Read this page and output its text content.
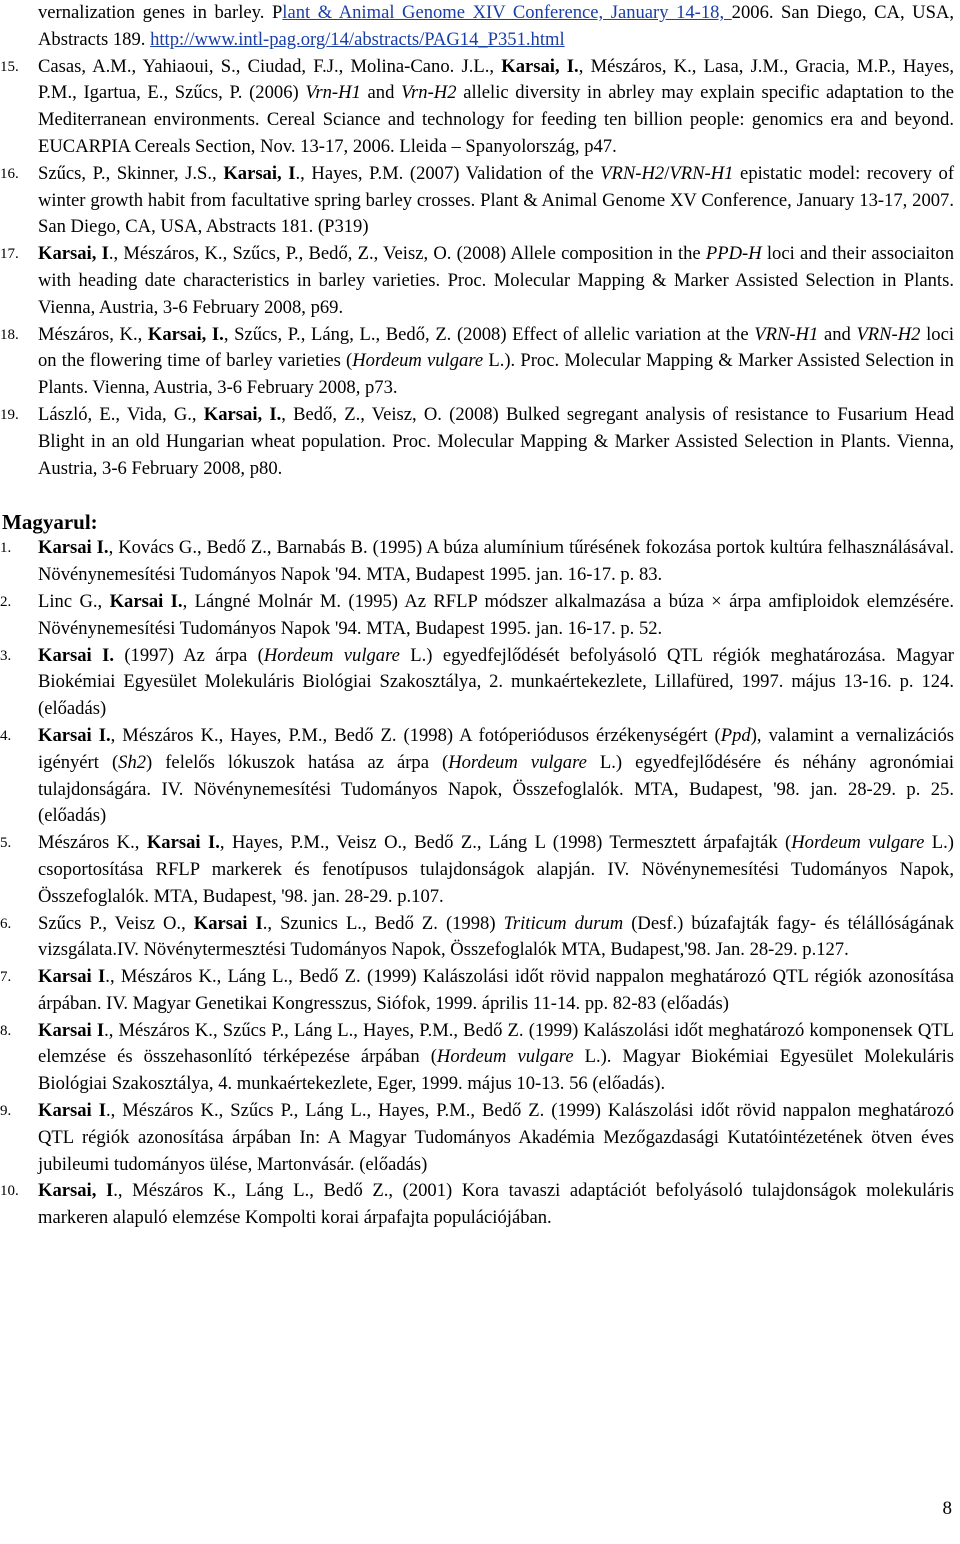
vernalization genes in barley. Plant & Animal Genome XIV Conference, January 14-18, 2006. San Diego, CA, USA, Abstracts 189. http://www.intl-pag.org/14/abstracts/PAG14_P351.html
15. Casas, A.M., Yahiaoui, S., Ciudad, F.J., Molina-Cano. J.L., Karsai, I., Mészáros, K., Lasa, J.M., Gracia, M.P., Hayes, P.M., Igartua, E., Szűcs, P. (2006) Vrn-H1 and Vrn-H2 allelic diversity in abrley may explain specific adaptation to the Mediterranean environments. Cereal Sciance and technology for feeding ten billion people: genomics era and beyond. EUCARPIA Cereals Section, Nov. 13-17, 2006. Lleida – Spanyolország, p47.
16. Szűcs, P., Skinner, J.S., Karsai, I., Hayes, P.M. (2007) Validation of the VRN-H2/VRN-H1 epistatic model: recovery of winter growth habit from facultative spring barley crosses. Plant & Animal Genome XV Conference, January 13-17, 2007. San Diego, CA, USA, Abstracts 181. (P319)
17. Karsai, I., Mészáros, K., Szűcs, P., Bedő, Z., Veisz, O. (2008) Allele composition in the PPD-H loci and their associaiton with heading date characteristics in barley varieties. Proc. Molecular Mapping & Marker Assisted Selection in Plants. Vienna, Austria, 3-6 February 2008, p69.
18. Mészáros, K., Karsai, I., Szűcs, P., Láng, L., Bedő, Z. (2008) Effect of allelic variation at the VRN-H1 and VRN-H2 loci on the flowering time of barley varieties (Hordeum vulgare L.). Proc. Molecular Mapping & Marker Assisted Selection in Plants. Vienna, Austria, 3-6 February 2008, p73.
19. László, E., Vida, G., Karsai, I., Bedő, Z., Veisz, O. (2008) Bulked segregant analysis of resistance to Fusarium Head Blight in an old Hungarian wheat population. Proc. Molecular Mapping & Marker Assisted Selection in Plants. Vienna, Austria, 3-6 February 2008, p80.
Magyarul:
1. Karsai I., Kovács G., Bedő Z., Barnabás B. (1995) A búza alumínium tűrésének fokozása portok kultúra felhasználásával. Növénynemesítési Tudományos Napok '94. MTA, Budapest 1995. jan. 16-17. p. 83.
2. Linc G., Karsai I., Lángné Molnár M. (1995) Az RFLP módszer alkalmazása a búza × árpa amfiploidok elemzésére. Növénynemesítési Tudományos Napok '94. MTA, Budapest 1995. jan. 16-17. p. 52.
3. Karsai I. (1997) Az árpa (Hordeum vulgare L.) egyedfejlődését befolyásoló QTL régiók meghatározása. Magyar Biokémiai Egyesület Molekuláris Biológiai Szakosztálya, 2. munkaértekezlete, Lillafüred, 1997. május 13-16. p. 124. (előadás)
4. Karsai I., Mészáros K., Hayes, P.M., Bedő Z. (1998) A fotóperiódusos érzékenységért (Ppd), valamint a vernalizációs igényért (Sh2) felelős lókuszok hatása az árpa (Hordeum vulgare L.) egyedfejlődésére és néhány agronómiai tulajdonságára. IV. Növénynemesítési Tudományos Napok, Összefoglalók. MTA, Budapest, '98. jan. 28-29. p. 25. (előadás)
5. Mészáros K., Karsai I., Hayes, P.M., Veisz O., Bedő Z., Láng L (1998) Termesztett árpafajták (Hordeum vulgare L.) csoportosítása RFLP markerek és fenotípusos tulajdonságok alapján. IV. Növénynemesítési Tudományos Napok, Összefoglalók. MTA, Budapest, '98. jan. 28-29. p.107.
6. Szűcs P., Veisz O., Karsai I., Szunics L., Bedő Z. (1998) Triticum durum (Desf.) búzafajták fagy- és télállóságának vizsgálata.IV. Növénytermesztési Tudományos Napok, Összefoglalók MTA, Budapest,'98. Jan. 28-29. p.127.
7. Karsai I., Mészáros K., Láng L., Bedő Z. (1999) Kalászolási időt rövid nappalon meghatározó QTL régiók azonosítása árpában. IV. Magyar Genetikai Kongresszus, Siófok, 1999. április 11-14. pp. 82-83 (előadás)
8. Karsai I., Mészáros K., Szűcs P., Láng L., Hayes, P.M., Bedő Z. (1999) Kalászolási időt meghatározó komponensek QTL elemzése és összehasonlító térképezése árpában (Hordeum vulgare L.). Magyar Biokémiai Egyesület Molekuláris Biológiai Szakosztálya, 4. munkaértekezlete, Eger, 1999. május 10-13. 56 (előadás).
9. Karsai I., Mészáros K., Szűcs P., Láng L., Hayes, P.M., Bedő Z. (1999) Kalászolási időt rövid nappalon meghatározó QTL régiók azonosítása árpában In: A Magyar Tudományos Akadémia Mezőgazdasági Kutatóintézetének ötven éves jubileumi tudományos ülése, Martonvásár. (előadás)
10. Karsai, I., Mészáros K., Láng L., Bedő Z., (2001) Kora tavaszi adaptációt befolyásoló tulajdonságok molekuláris markeren alapuló elemzése Kompolti korai árpafajta populációjában.
8
